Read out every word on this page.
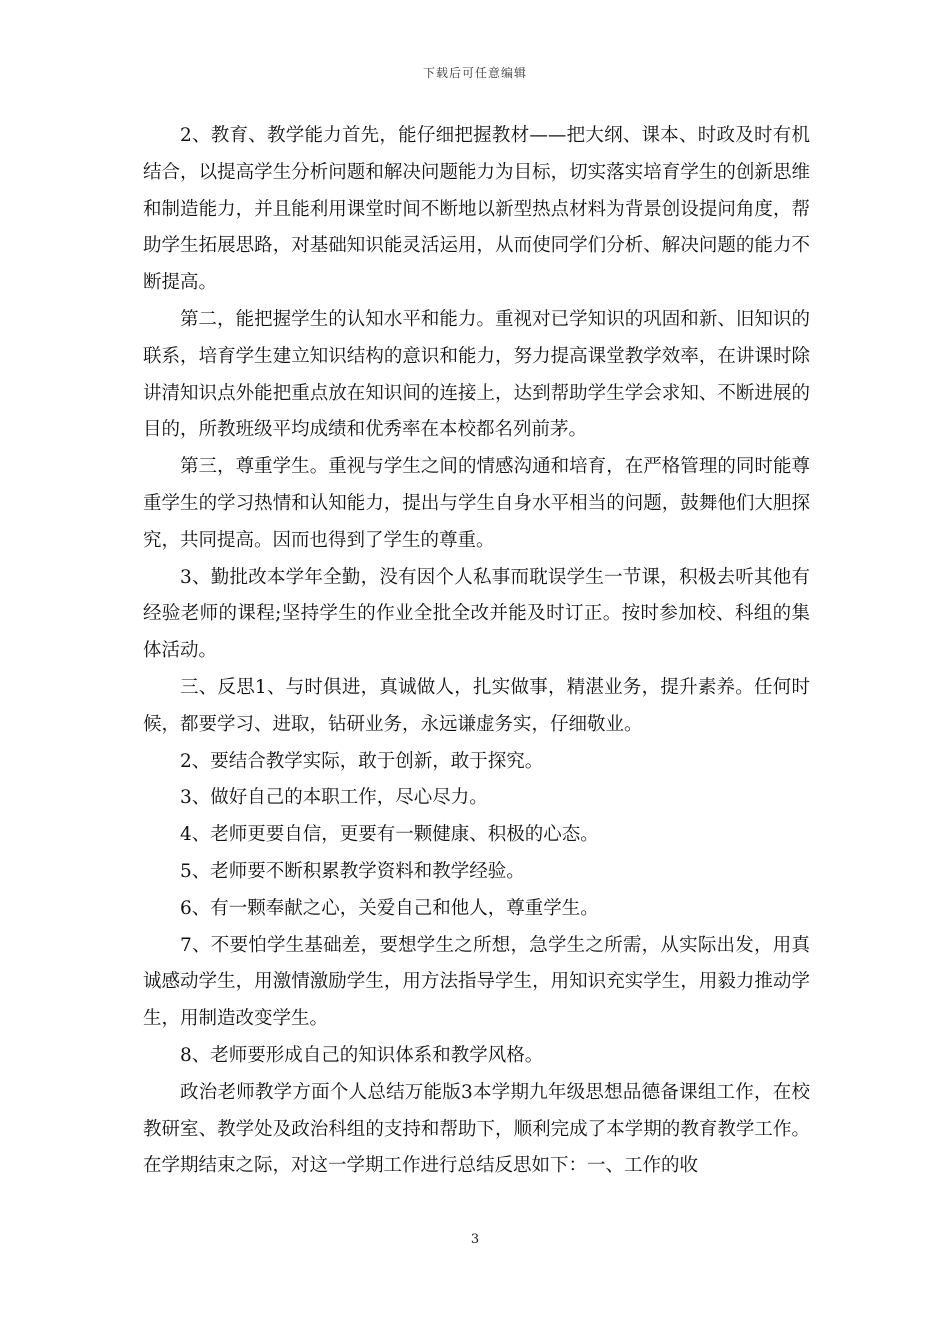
下载后可任意编辑

2、教育、教学能力首先，能仔细把握教材——把大纲、课本、时政及时有机结合，以提高学生分析问题和解决问题能力为目标，切实落实培育学生的创新思维和制造能力，并且能利用课堂时间不断地以新型热点材料为背景创设提问角度，帮助学生拓展思路，对基础知识能灵活运用，从而使同学们分析、解决问题的能力不断提高。

第二，能把握学生的认知水平和能力。重视对已学知识的巩固和新、旧知识的联系，培育学生建立知识结构的意识和能力，努力提高课堂教学效率，在讲课时除讲清知识点外能把重点放在知识间的连接上，达到帮助学生学会求知、不断进展的目的，所教班级平均成绩和优秀率在本校都名列前茅。

第三，尊重学生。重视与学生之间的情感沟通和培育，在严格管理的同时能尊重学生的学习热情和认知能力，提出与学生自身水平相当的问题，鼓舞他们大胆探究，共同提高。因而也得到了学生的尊重。

3、勤批改本学年全勤，没有因个人私事而耽误学生一节课，积极去听其他有经验老师的课程;坚持学生的作业全批全改并能及时订正。按时参加校、科组的集体活动。

三、反思1、与时俱进，真诚做人，扎实做事，精湛业务，提升素养。任何时候，都要学习、进取，钻研业务，永远谦虚务实，仔细敬业。

2、要结合教学实际，敢于创新，敢于探究。

3、做好自己的本职工作，尽心尽力。

4、老师更要自信，更要有一颗健康、积极的心态。

5、老师要不断积累教学资料和教学经验。

6、有一颗奉献之心，关爱自己和他人，尊重学生。

7、不要怕学生基础差，要想学生之所想，急学生之所需，从实际出发，用真诚感动学生，用激情激励学生，用方法指导学生，用知识充实学生，用毅力推动学生，用制造改变学生。

8、老师要形成自己的知识体系和教学风格。

政治老师教学方面个人总结万能版3本学期九年级思想品德备课组工作，在校教研室、教学处及政治科组的支持和帮助下，顺利完成了本学期的教育教学工作。在学期结束之际，对这一学期工作进行总结反思如下：一、工作的收

3
